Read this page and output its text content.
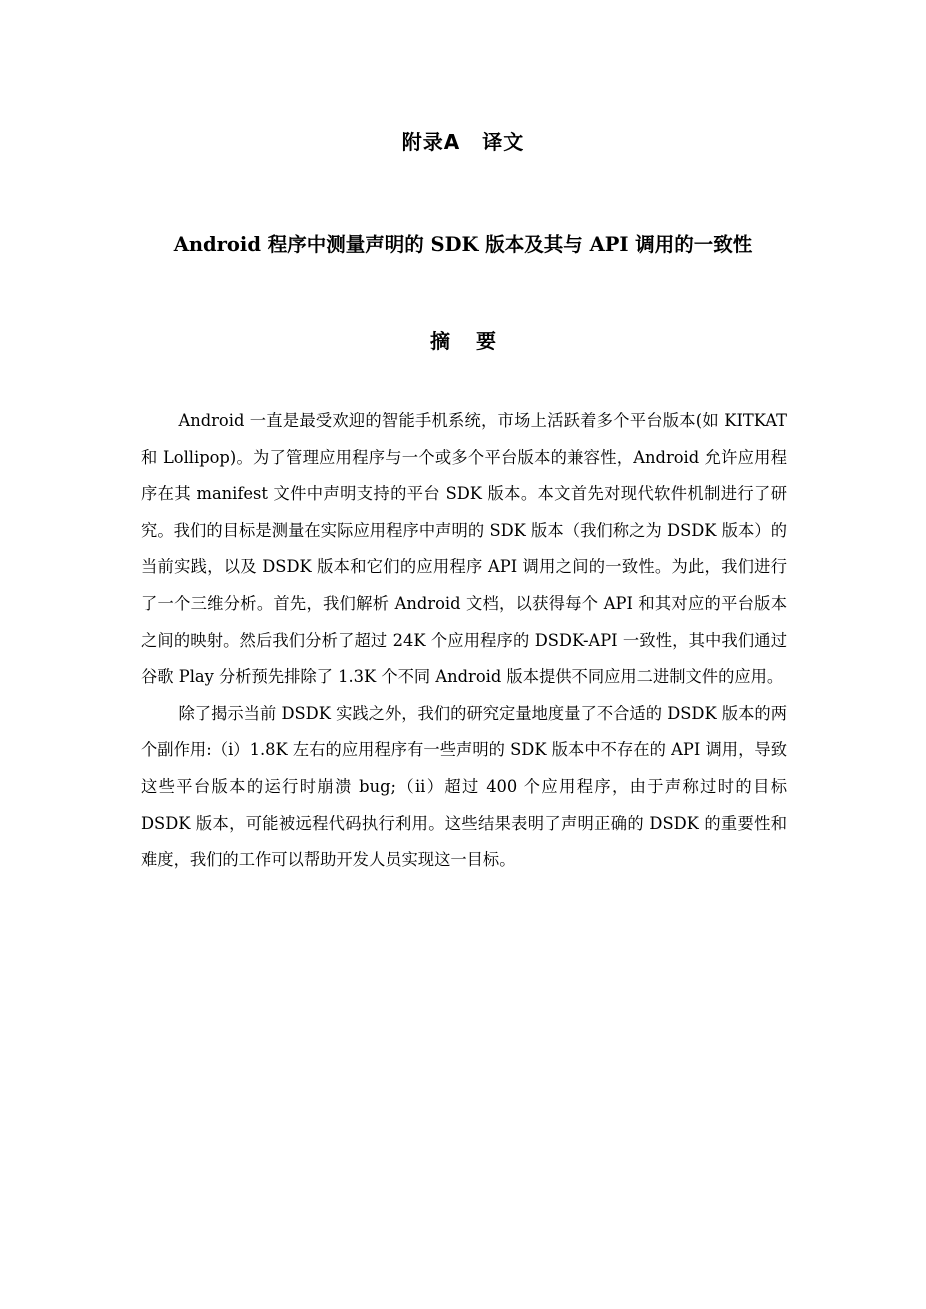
附录A 译文
Android 程序中测量声明的 SDK 版本及其与 API 调用的一致性
摘要

Android 一直是最受欢迎的智能手机系统，市场上活跃着多个平台版本(如 KITKAT 和 Lollipop)。为了管理应用程序与一个或多个平台版本的兼容性，Android 允许应用程序在其 manifest 文件中声明支持的平台 SDK 版本。本文首先对现代软件机制进行了研究。我们的目标是测量在实际应用程序中声明的 SDK 版本（我们称之为 DSDK 版本）的当前实践，以及 DSDK 版本和它们的应用程序 API 调用之间的一致性。为此，我们进行了一个三维分析。首先，我们解析 Android 文档，以获得每个 API 和其对应的平台版本之间的映射。然后我们分析了超过 24K 个应用程序的 DSDK-API 一致性，其中我们通过谷歌 Play 分析预先排除了 1.3K 个不同 Android 版本提供不同应用二进制文件的应用。

除了揭示当前 DSDK 实践之外，我们的研究定量地度量了不合适的 DSDK 版本的两个副作用:（i）1.8K 左右的应用程序有一些声明的 SDK 版本中不存在的 API 调用，导致这些平台版本的运行时崩溃 bug;（ii）超过 400 个应用程序，由于声称过时的目标 DSDK 版本，可能被远程代码执行利用。这些结果表明了声明正确的 DSDK 的重要性和难度，我们的工作可以帮助开发人员实现这一目标。
